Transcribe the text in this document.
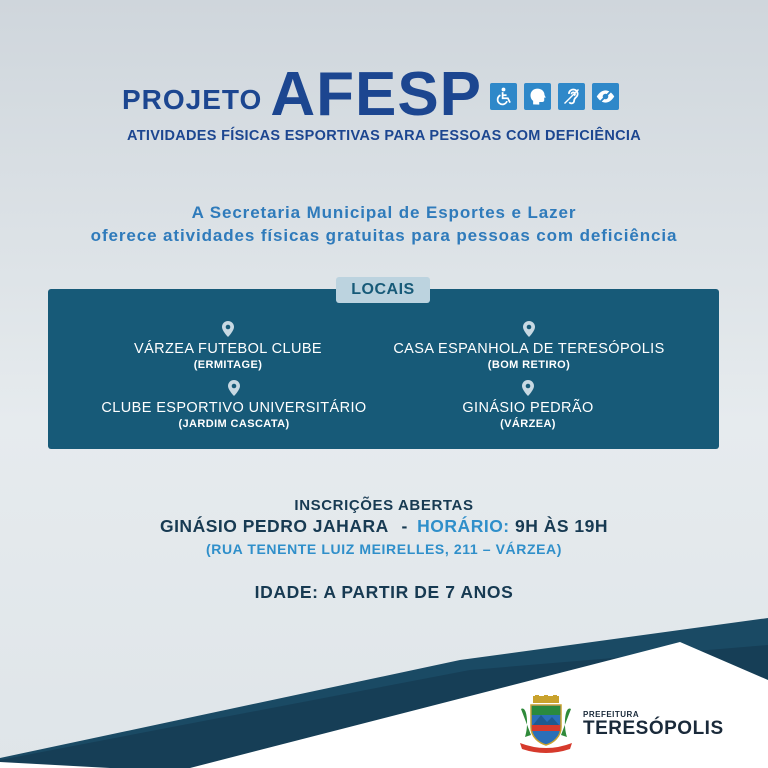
PROJETO AFESP
ATIVIDADES FÍSICAS ESPORTIVAS PARA PESSOAS COM DEFICIÊNCIA
A Secretaria Municipal de Esportes e Lazer
oferece atividades físicas gratuitas para pessoas com deficiência
LOCAIS
VÁRZEA FUTEBOL CLUBE
(ERMITAGE)
CASA ESPANHOLA DE TERESÓPOLIS
(BOM RETIRO)
CLUBE ESPORTIVO UNIVERSITÁRIO
(JARDIM CASCATA)
GINÁSIO PEDRÃO
(VÁRZEA)
INSCRIÇÕES ABERTAS
GINÁSIO PEDRO JAHARA - HORÁRIO: 9H ÀS 19H
(RUA TENENTE LUIZ MEIRELLES, 211 – VÁRZEA)
IDADE: A PARTIR DE 7 ANOS
PREFEITURA
TERESÓPOLIS
